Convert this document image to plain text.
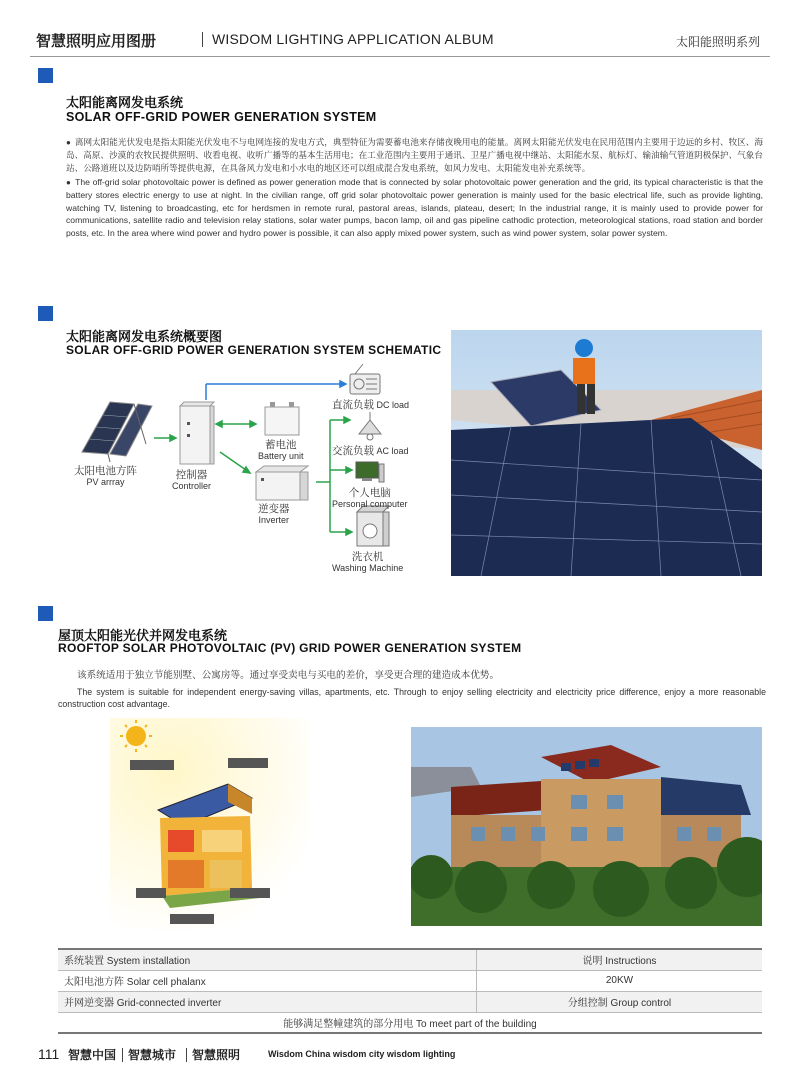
智慧照明应用图册	WISDOM LIGHTING APPLICATION ALBUM	太阳能照明系列
太阳能离网发电系统
SOLAR OFF-GRID POWER GENERATION SYSTEM
● 离网太阳能光伏发电是指太阳能光伏发电不与电网连接的发电方式，典型特征为需要蓄电池来存储夜晚用电的能量。离网太阳能光伏发电在民用范围内主要用于边远的乡村、牧区、海岛、高原、沙漠的农牧民提供照明、收看电视、收听广播等的基本生活用电；在工业范围内主要用于通讯、卫星广播电视中继站、太阳能水泵、航标灯、输油输气管道阴极保护、气象台站、公路道班以及边防哨所等提供电源，在具备风力发电和小水电的地区还可以组成混合发电系统，如风力发电、太阳能发电补充系统等。
● The off-grid solar photovoltaic power is defined as power generation mode that is connected by solar photovoltaic power generation and the grid, its typical characteristic is that the battery stores electric energy to use at night. In the civilian range, off grid solar photovoltaic power generation is mainly used for the basic electrical life, such as provide lighting, watching TV, listening to broadcasting, etc for herdsmen in remote rural, pastoral areas, islands, plateau, desert; In the industrial range, it is mainly used to provide power for communications, satellite radio and television relay stations, solar water pumps, bacon lamp, oil and gas pipeline cathodic protection, meteorological stations, road station and border posts, etc. In the area where wind power and hydro power is possible, it can also apply mixed power system, such as wind power system, solar power system.
太阳能离网发电系统概要图
SOLAR OFF-GRID POWER GENERATION SYSTEM SCHEMATIC
太阳电池方阵
PV arrray
控制器
Controller
蓄电池
Battery unit
逆变器
Inverter
直流负载 DC load
交流负载 AC load
个人电脑
Personal computer
洗衣机
Washing Machine
屋顶太阳能光伏并网发电系统
ROOFTOP SOLAR PHOTOVOLTAIC (PV) GRID POWER GENERATION SYSTEM
该系统适用于独立节能别墅、公寓房等。通过享受卖电与买电的差价，享受更合理的建造成本优势。
The system is suitable for independent energy-saving villas, apartments, etc. Through to enjoy selling electricity and electricity price difference, enjoy a more reasonable construction cost advantage.
系统装置 System installation	说明 Instructions
太阳电池方阵 Solar cell phalanx	20KW
并网逆变器 Grid-connected inverter	分组控制 Group control
能够满足整幢建筑的部分用电 To meet part of the building	
111 智慧中国 智慧城市 智慧照明	Wisdom China wisdom city wisdom lighting
